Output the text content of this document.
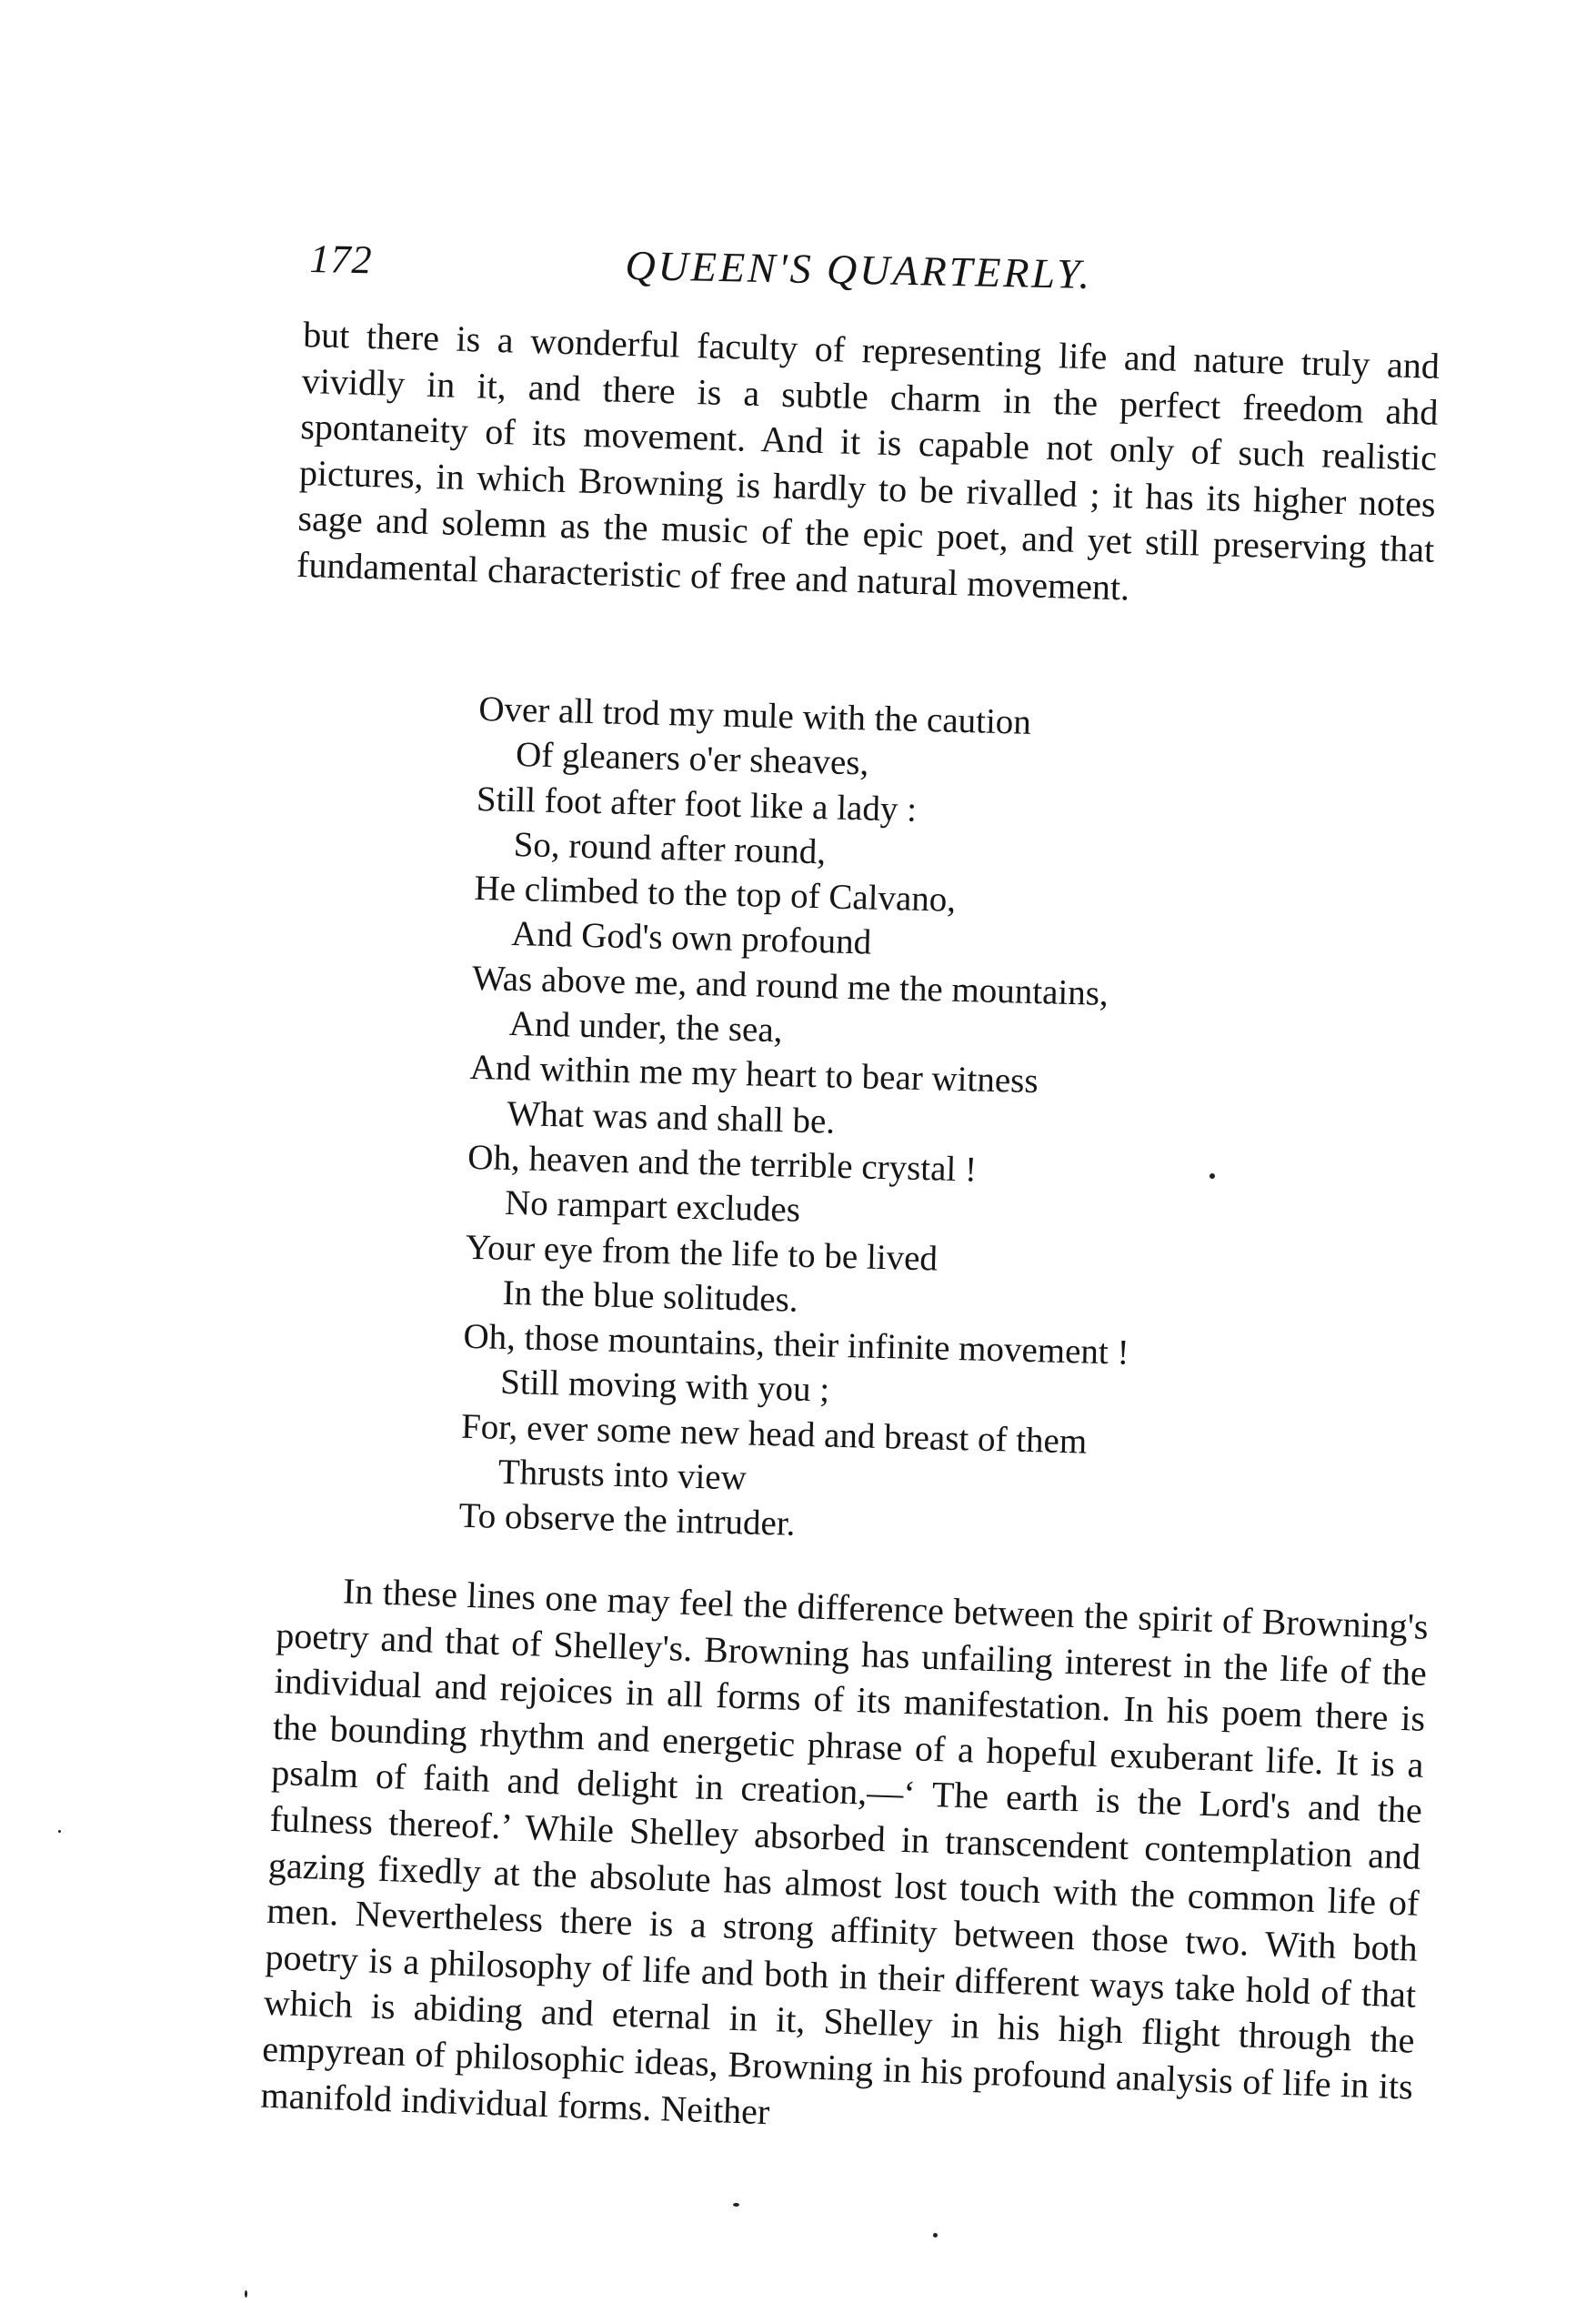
172	QUEEN'S QUARTERLY.

but there is a wonderful faculty of representing life and nature truly and vividly in it, and there is a subtle charm in the perfect freedom ahd spontaneity of its movement. And it is capable not only of such realistic pictures, in which Browning is hardly to be rivalled ; it has its higher notes sage and solemn as the music of the epic poet, and yet still preserving that fundamental characteristic of free and natural movement.

Over all trod my mule with the caution
Of gleaners o'er sheaves,
Still foot after foot like a lady :
So, round after round,
He climbed to the top of Calvano,
And God's own profound
Was above me, and round me the mountains,
And under, the sea,
And within me my heart to bear witness
What was and shall be.
Oh, heaven and the terrible crystal !
No rampart excludes
Your eye from the life to be lived
In the blue solitudes.
Oh, those mountains, their infinite movement !
Still moving with you ;
For, ever some new head and breast of them
Thrusts into view
To observe the intruder.

In these lines one may feel the difference between the spirit of Browning's poetry and that of Shelley's. Browning has unfailing interest in the life of the individual and rejoices in all forms of its manifestation. In his poem there is the bounding rhythm and energetic phrase of a hopeful exuberant life. It is a psalm of faith and delight in creation,—‘ The earth is the Lord's and the fulness thereof.’ While Shelley absorbed in transcendent contemplation and gazing fixedly at the absolute has almost lost touch with the common life of men. Nevertheless there is a strong affinity between those two. With both poetry is a philosophy of life and both in their different ways take hold of that which is abiding and eternal in it, Shelley in his high flight through the empyrean of philosophic ideas, Browning in his profound analysis of life in its manifold individual forms. Neither
